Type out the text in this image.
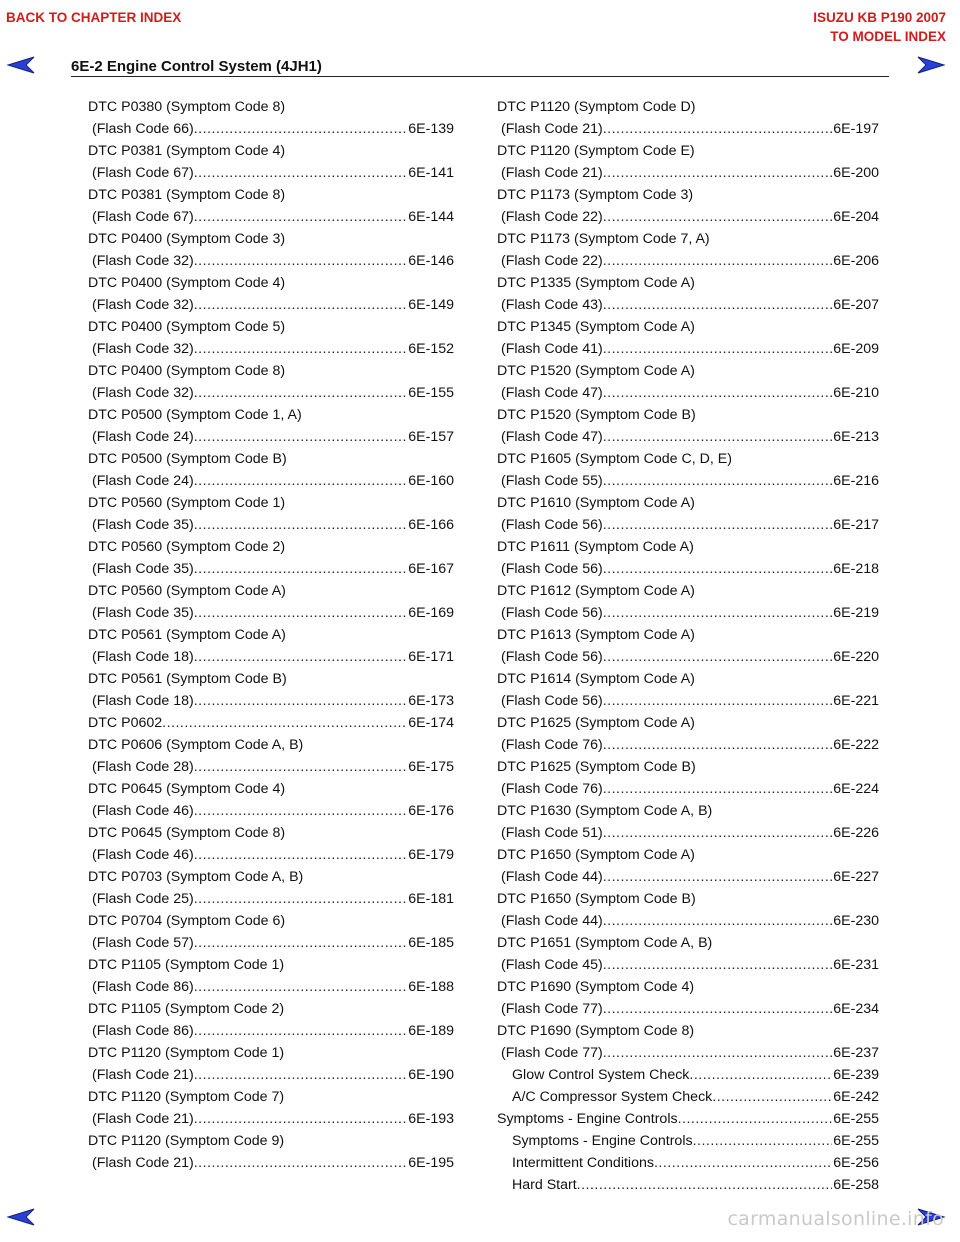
BACK TO CHAPTER INDEX	ISUZU KB P190 2007
TO MODEL INDEX
6E-2 Engine Control System (4JH1)
DTC P0380 (Symptom Code 8)
(Flash Code 66) .....	6E-139
DTC P0381 (Symptom Code 4)
(Flash Code 67) .....	6E-141
DTC P0381 (Symptom Code 8)
(Flash Code 67) .....	6E-144
DTC P0400 (Symptom Code 3)
(Flash Code 32) .....	6E-146
DTC P0400 (Symptom Code 4)
(Flash Code 32) .....	6E-149
DTC P0400 (Symptom Code 5)
(Flash Code 32) .....	6E-152
DTC P0400 (Symptom Code 8)
(Flash Code 32) .....	6E-155
DTC P0500 (Symptom Code 1, A)
(Flash Code 24) .....	6E-157
DTC P0500 (Symptom Code B)
(Flash Code 24) .....	6E-160
DTC P0560 (Symptom Code 1)
(Flash Code 35) .....	6E-166
DTC P0560 (Symptom Code 2)
(Flash Code 35) .....	6E-167
DTC P0560 (Symptom Code A)
(Flash Code 35) .....	6E-169
DTC P0561 (Symptom Code A)
(Flash Code 18) .....	6E-171
DTC P0561 (Symptom Code B)
(Flash Code 18) .....	6E-173
DTC P0602 .....	6E-174
DTC P0606 (Symptom Code A, B)
(Flash Code 28) .....	6E-175
DTC P0645 (Symptom Code 4)
(Flash Code 46) .....	6E-176
DTC P0645 (Symptom Code 8)
(Flash Code 46) .....	6E-179
DTC P0703 (Symptom Code A, B)
(Flash Code 25) .....	6E-181
DTC P0704 (Symptom Code 6)
(Flash Code 57) .....	6E-185
DTC P1105 (Symptom Code 1)
(Flash Code 86) .....	6E-188
DTC P1105 (Symptom Code 2)
(Flash Code 86) .....	6E-189
DTC P1120 (Symptom Code 1)
(Flash Code 21) .....	6E-190
DTC P1120 (Symptom Code 7)
(Flash Code 21) .....	6E-193
DTC P1120 (Symptom Code 9)
(Flash Code 21) .....	6E-195
DTC P1120 (Symptom Code D)
(Flash Code 21) .....	6E-197
DTC P1120 (Symptom Code E)
(Flash Code 21) .....	6E-200
DTC P1173 (Symptom Code 3)
(Flash Code 22) .....	6E-204
DTC P1173 (Symptom Code 7, A)
(Flash Code 22) .....	6E-206
DTC P1335 (Symptom Code A)
(Flash Code 43) .....	6E-207
DTC P1345 (Symptom Code A)
(Flash Code 41) .....	6E-209
DTC P1520 (Symptom Code A)
(Flash Code 47) .....	6E-210
DTC P1520 (Symptom Code B)
(Flash Code 47) .....	6E-213
DTC P1605 (Symptom Code C, D, E)
(Flash Code 55) .....	6E-216
DTC P1610 (Symptom Code A)
(Flash Code 56) .....	6E-217
DTC P1611 (Symptom Code A)
(Flash Code 56) .....	6E-218
DTC P1612 (Symptom Code A)
(Flash Code 56) .....	6E-219
DTC P1613 (Symptom Code A)
(Flash Code 56) .....	6E-220
DTC P1614 (Symptom Code A)
(Flash Code 56) .....	6E-221
DTC P1625 (Symptom Code A)
(Flash Code 76) .....	6E-222
DTC P1625 (Symptom Code B)
(Flash Code 76) .....	6E-224
DTC P1630 (Symptom Code A, B)
(Flash Code 51) .....	6E-226
DTC P1650 (Symptom Code A)
(Flash Code 44) .....	6E-227
DTC P1650 (Symptom Code B)
(Flash Code 44) .....	6E-230
DTC P1651 (Symptom Code A, B)
(Flash Code 45) .....	6E-231
DTC P1690 (Symptom Code 4)
(Flash Code 77) .....	6E-234
DTC P1690 (Symptom Code 8)
(Flash Code 77) .....	6E-237
Glow Control System Check .....	6E-239
A/C Compressor System Check .....	6E-242
Symptoms - Engine Controls .....	6E-255
Symptoms - Engine Controls .....	6E-255
Intermittent Conditions .....	6E-256
Hard Start .....	6E-258
carmanualsonline.info
